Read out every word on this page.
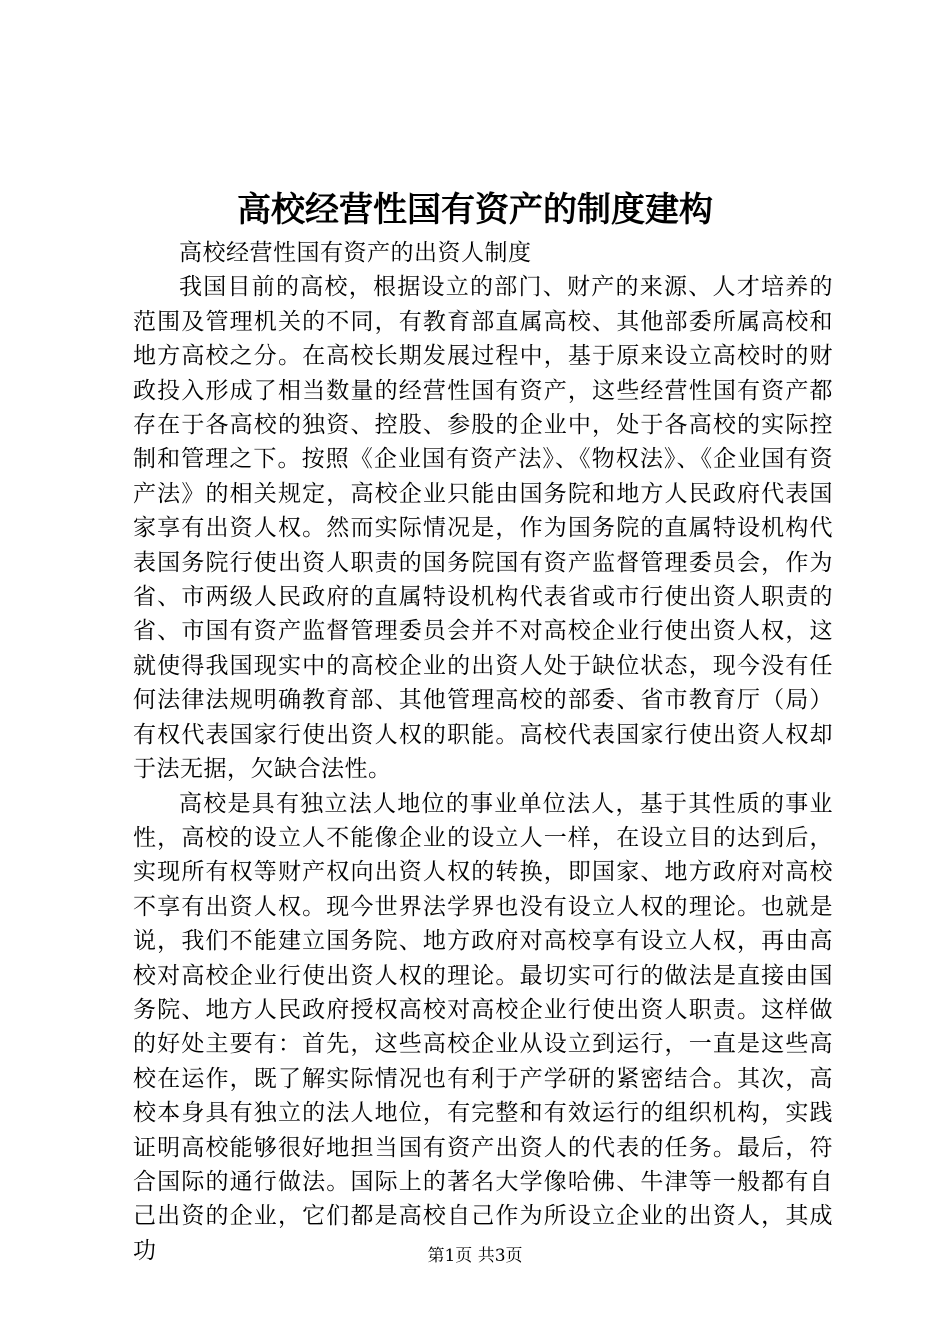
高校经营性国有资产的制度建构

高校经营性国有资产的出资人制度

我国目前的高校，根据设立的部门、财产的来源、人才培养的范围及管理机关的不同，有教育部直属高校、其他部委所属高校和地方高校之分。在高校长期发展过程中，基于原来设立高校时的财政投入形成了相当数量的经营性国有资产，这些经营性国有资产都存在于各高校的独资、控股、参股的企业中，处于各高校的实际控制和管理之下。按照《企业国有资产法》、《物权法》、《企业国有资产法》的相关规定，高校企业只能由国务院和地方人民政府代表国家享有出资人权。然而实际情况是，作为国务院的直属特设机构代表国务院行使出资人职责的国务院国有资产监督管理委员会，作为省、市两级人民政府的直属特设机构代表省或市行使出资人职责的省、市国有资产监督管理委员会并不对高校企业行使出资人权，这就使得我国现实中的高校企业的出资人处于缺位状态，现今没有任何法律法规明确教育部、其他管理高校的部委、省市教育厅（局）有权代表国家行使出资人权的职能。高校代表国家行使出资人权却于法无据，欠缺合法性。

高校是具有独立法人地位的事业单位法人，基于其性质的事业性，高校的设立人不能像企业的设立人一样，在设立目的达到后，实现所有权等财产权向出资人权的转换，即国家、地方政府对高校不享有出资人权。现今世界法学界也没有设立人权的理论。也就是说，我们不能建立国务院、地方政府对高校享有设立人权，再由高校对高校企业行使出资人权的理论。最切实可行的做法是直接由国务院、地方人民政府授权高校对高校企业行使出资人职责。这样做的好处主要有：首先，这些高校企业从设立到运行，一直是这些高校在运作，既了解实际情况也有利于产学研的紧密结合。其次，高校本身具有独立的法人地位，有完整和有效运行的组织机构，实践证明高校能够很好地担当国有资产出资人的代表的任务。最后，符合国际的通行做法。国际上的著名大学像哈佛、牛津等一般都有自己出资的企业，它们都是高校自己作为所设立企业的出资人，其成功	第1页 共3页
